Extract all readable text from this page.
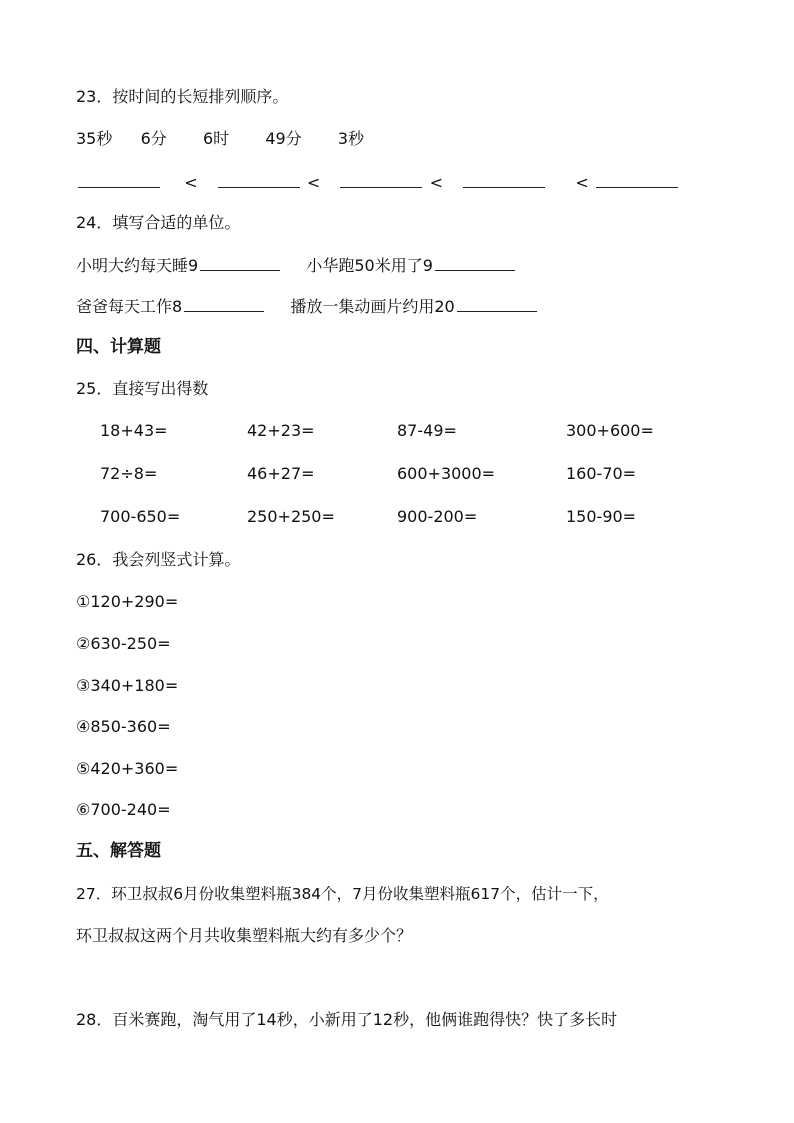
23．按时间的长短排列顺序。
35秒 6分 6时 49分 3秒
<	<	<	<
24．填写合适的单位。
小明大约每天睡9	小华跑50米用了9
爸爸每天工作8	播放一集动画片约用20
四、计算题
25．直接写出得数
18+43=	42+23=	87-49=	300+600=
72÷8=	46+27=	600+3000=	160-70=
700-650=	250+250=	900-200=	150-90=
26．我会列竖式计算。
①120+290=
②630-250=
③340+180=
④850-360=
⑤420+360=
⑥700-240=
五、解答题
27．环卫叔叔6月份收集塑料瓶384个，7月份收集塑料瓶617个，估计一下，
环卫叔叔这两个月共收集塑料瓶大约有多少个？
28．百米赛跑，淘气用了14秒，小新用了12秒，他俩谁跑得快？快了多长时
